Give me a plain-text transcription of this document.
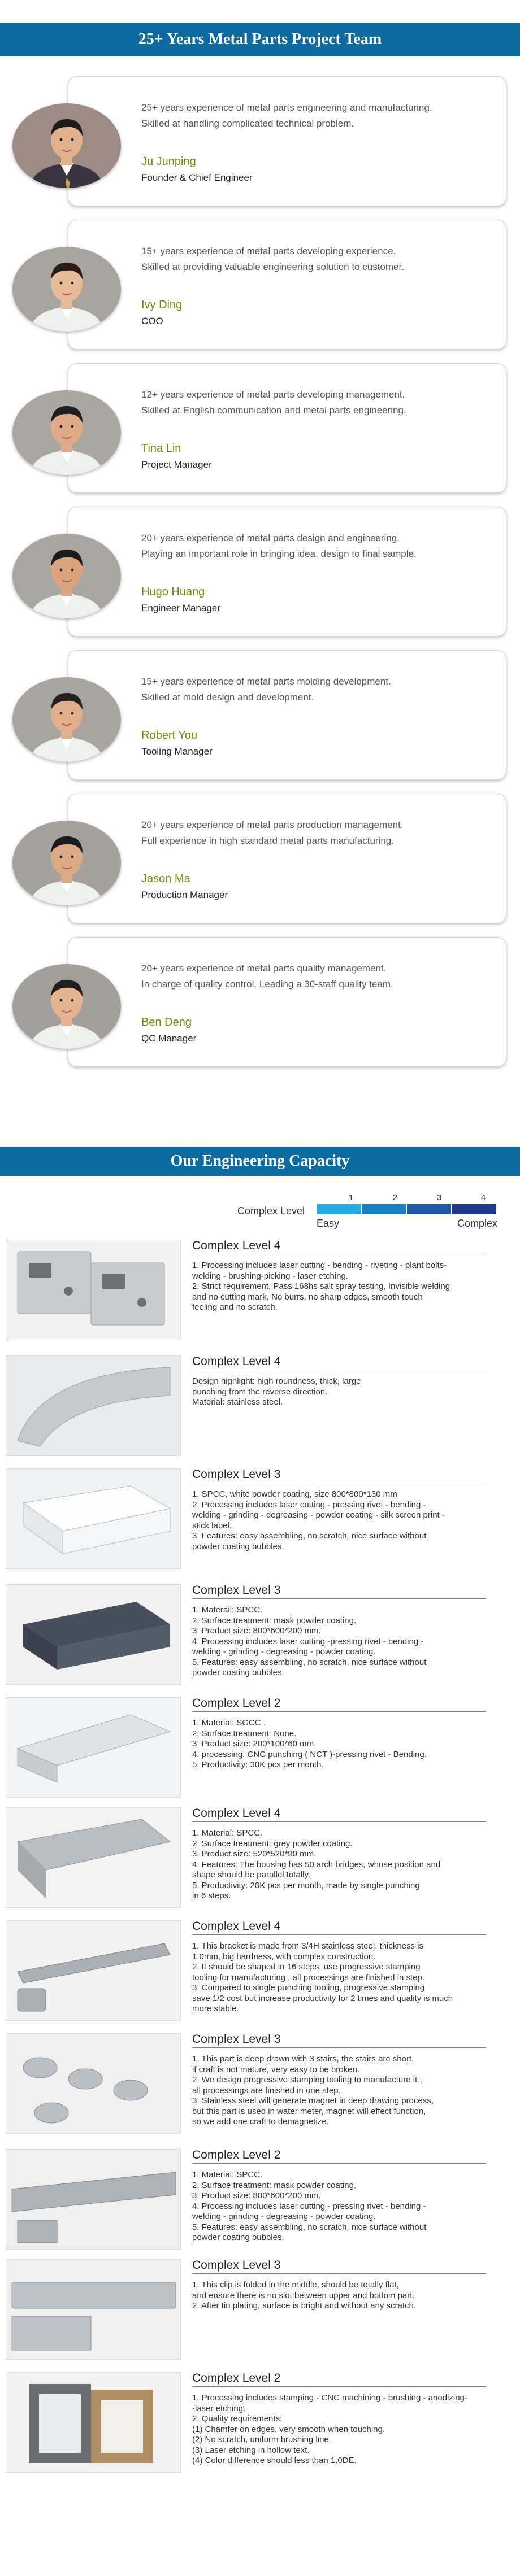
25+ Years Metal Parts Project Team
25+ years experience of metal parts engineering and manufacturing.
Skilled at handling complicated technical problem.
Ju Junping
Founder & Chief Engineer
15+ years experience of metal parts developing experience.
Skilled at providing valuable engineering solution to customer.
Ivy Ding
COO
12+ years experience of metal parts developing management.
Skilled at English communication and metal parts engineering.
Tina Lin
Project Manager
20+ years experience of metal parts design and engineering.
Playing an important role in bringing idea, design to final sample.
Hugo Huang
Engineer Manager
15+ years experience of metal parts molding development.
Skilled at mold design and development.
Robert You
Tooling Manager
20+ years experience of metal parts production management.
Full experience in high standard metal parts manufacturing.
Jason Ma
Production Manager
20+ years experience of metal parts quality management.
In charge of quality control. Leading a 30-staff quality team.
Ben Deng
QC Manager
Our Engineering Capacity
1	2	3	4
Complex Level
Easy	Complex
Complex Level 4
1. Processing includes laser cutting - bending - riveting - plant bolts-
welding - brushing-picking - laser etching.
2. Strict requirement, Pass 168hs salt spray testing, Invisible welding
and no cutting mark, No burrs, no sharp edges, smooth touch
feeling and no scratch.
Complex Level 4
Design highlight: high roundness, thick, large
punching from the reverse direction.
Material: stainless steel.
Complex Level 3
1. SPCC, white powder coating, size 800*800*130 mm
2. Processing includes laser cutting - pressing rivet - bending -
welding - grinding - degreasing - powder coating - silk screen print -
stick label.
3. Features: easy assembling, no scratch, nice surface without
powder coating bubbles.
Complex Level 3
1. Materail: SPCC.
2. Surface treatment: mask powder coating.
3. Product size: 800*600*200 mm.
4. Processing includes laser cutting -pressing rivet - bending -
welding - grinding - degreasing - powder coating.
5. Features: easy assembling, no scratch, nice surface without
powder coating bubbles.
Complex Level 2
1. Material: SGCC .
2. Surface treatment: None.
3. Product size: 200*100*60 mm.
4. processing: CNC punching ( NCT )-pressing rivet - Bending.
5. Productivity: 30K pcs per month.
Complex Level 4
1. Material: SPCC.
2. Surface treatment: grey powder coating.
3. Product size: 520*520*90 mm.
4. Features: The housing has 50 arch bridges, whose position and
shape should be parallel totally.
5. Productivity: 20K pcs per month, made by single punching
in 6 steps.
Complex Level 4
1. This bracket is made from 3/4H stainless steel, thickness is
1.0mm, big hardness, with complex construction.
2. It should be shaped in 16 steps, use progressive stamping
tooling for manufacturing , all processings are finished in step.
3. Compared to single punching tooling, progressive stamping
save 1/2 cost but increase productivity for 2 times and quality is much
more stable.
Complex Level 3
1. This part is deep drawn with 3 stairs, the stairs are short,
if craft is not mature, very easy to be broken.
2. We design progressive stamping tooling to manufacture it ,
all processings are finished in one step.
3. Stainless steel will generate magnet in deep drawing process,
but this part is used in water meter, magnet will effect function,
so we add one craft to demagnetize.
Complex Level 2
1. Material: SPCC.
2. Surface treatment: mask powder coating.
3. Product size: 800*600*200 mm.
4. Processing includes laser cutting - pressing rivet - bending -
welding - grinding - degreasing - powder coating.
5. Features: easy assembling, no scratch, nice surface without
powder coating bubbles.
Complex Level 3
1. This clip is folded in the middle, should be totally flat,
and ensure there is no slot between upper and bottom part.
2. After tin plating, surface is bright and without any scratch.
Complex Level 2
1. Processing includes stamping - CNC machining - brushing - anodizing-
-laser etching.
2. Quality requirements:
(1) Chamfer on edges, very smooth when touching.
(2) No scratch, uniform brushing line.
(3) Laser etching in hollow text.
(4) Color difference should less than 1.0DE.
